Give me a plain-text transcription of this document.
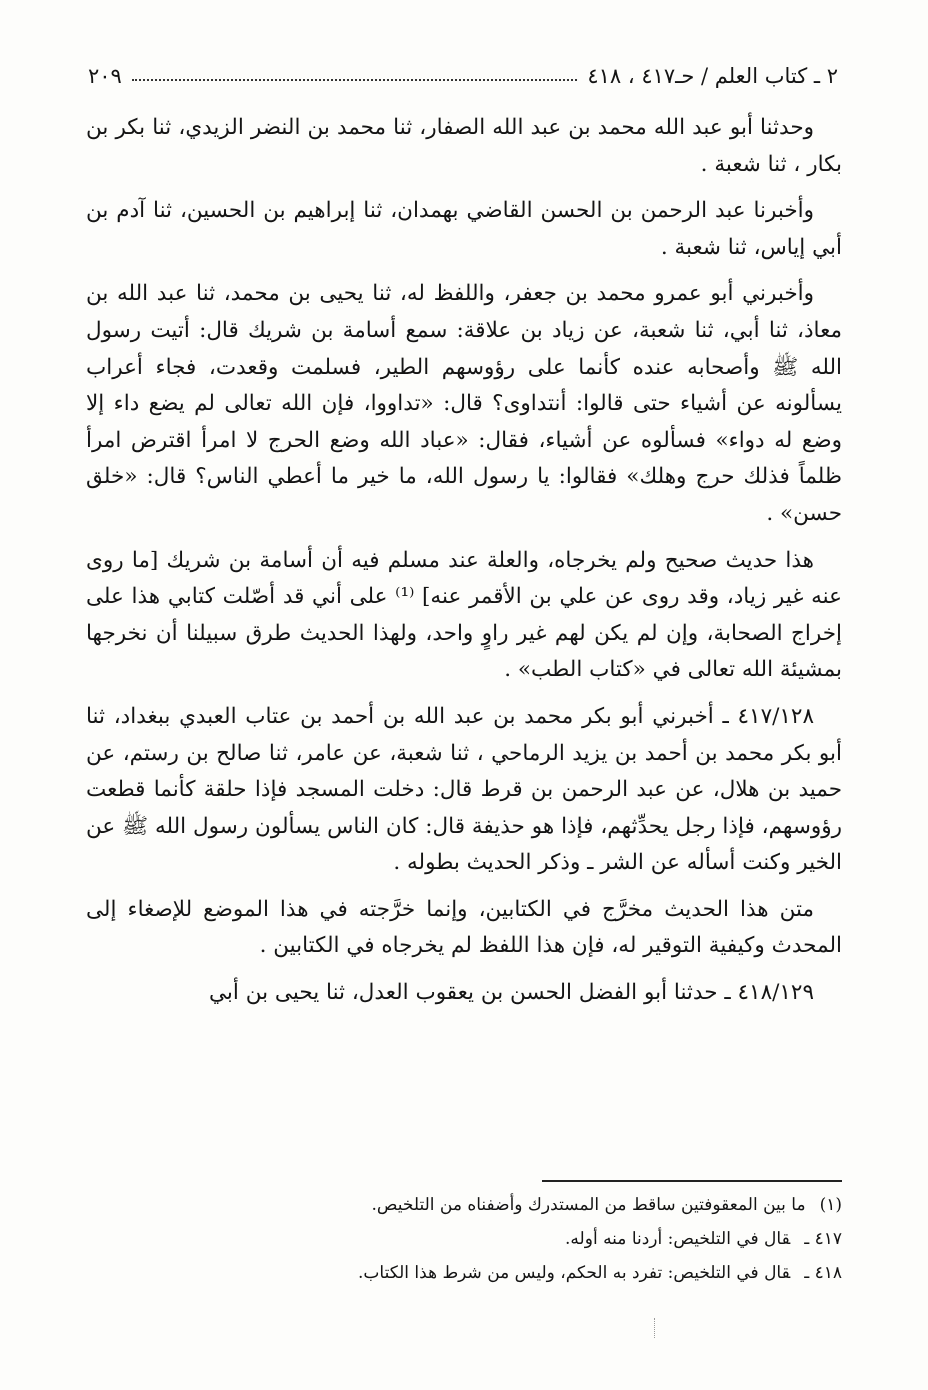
٢ ـ كتاب العلم / حـ٤١٧ ، ٤١٨
٢٠٩

وحدثنا أبو عبد الله محمد بن عبد الله الصفار، ثنا محمد بن النضر الزيدي، ثنا بكر بن بكار ، ثنا شعبة .

وأخبرنا عبد الرحمن بن الحسن القاضي بهمدان، ثنا إبراهيم بن الحسين، ثنا آدم بن أبي إياس، ثنا شعبة .

وأخبرني أبو عمرو محمد بن جعفر، واللفظ له، ثنا يحيى بن محمد، ثنا عبد الله بن معاذ، ثنا أبي، ثنا شعبة، عن زياد بن علاقة: سمع أسامة بن شريك قال: أتيت رسول الله ﷺ وأصحابه عنده كأنما على رؤوسهم الطير، فسلمت وقعدت، فجاء أعراب يسألونه عن أشياء حتى قالوا: أنتداوى؟ قال: «تداووا، فإن الله تعالى لم يضع داء إلا وضع له دواء» فسألوه عن أشياء، فقال: «عباد الله وضع الحرج لا امرأ اقترض امرأ ظلماً فذلك حرج وهلك» فقالوا: يا رسول الله، ما خير ما أعطي الناس؟ قال: «خلق حسن» .

هذا حديث صحيح ولم يخرجاه، والعلة عند مسلم فيه أن أسامة بن شريك [ما روى عنه غير زياد، وقد روى عن علي بن الأقمر عنه] ⁽¹⁾ على أني قد أصّلت كتابي هذا على إخراج الصحابة، وإن لم يكن لهم غير راوٍ واحد، ولهذا الحديث طرق سبيلنا أن نخرجها بمشيئة الله تعالى في «كتاب الطب» .

٤١٧/١٢٨ ـ أخبرني أبو بكر محمد بن عبد الله بن أحمد بن عتاب العبدي ببغداد، ثنا أبو بكر محمد بن أحمد بن يزيد الرماحي ، ثنا شعبة، عن عامر، ثنا صالح بن رستم، عن حميد بن هلال، عن عبد الرحمن بن قرط قال: دخلت المسجد فإذا حلقة كأنما قطعت رؤوسهم، فإذا رجل يحدِّثهم، فإذا هو حذيفة قال: كان الناس يسألون رسول الله ﷺ عن الخير وكنت أسأله عن الشر ـ وذكر الحديث بطوله .

متن هذا الحديث مخرَّج في الكتابين، وإنما خرَّجته في هذا الموضع للإصغاء إلى المحدث وكيفية التوقير له، فإن هذا اللفظ لم يخرجاه في الكتابين .

٤١٨/١٢٩ ـ حدثنا أبو الفضل الحسن بن يعقوب العدل، ثنا يحيى بن أبي

(١)ما بين المعقوفتين ساقط من المستدرك وأضفناه من التلخيص.
٤١٧ ـقال في التلخيص: أردنا منه أوله.
٤١٨ ـقال في التلخيص: تفرد به الحكم، وليس من شرط هذا الكتاب.
